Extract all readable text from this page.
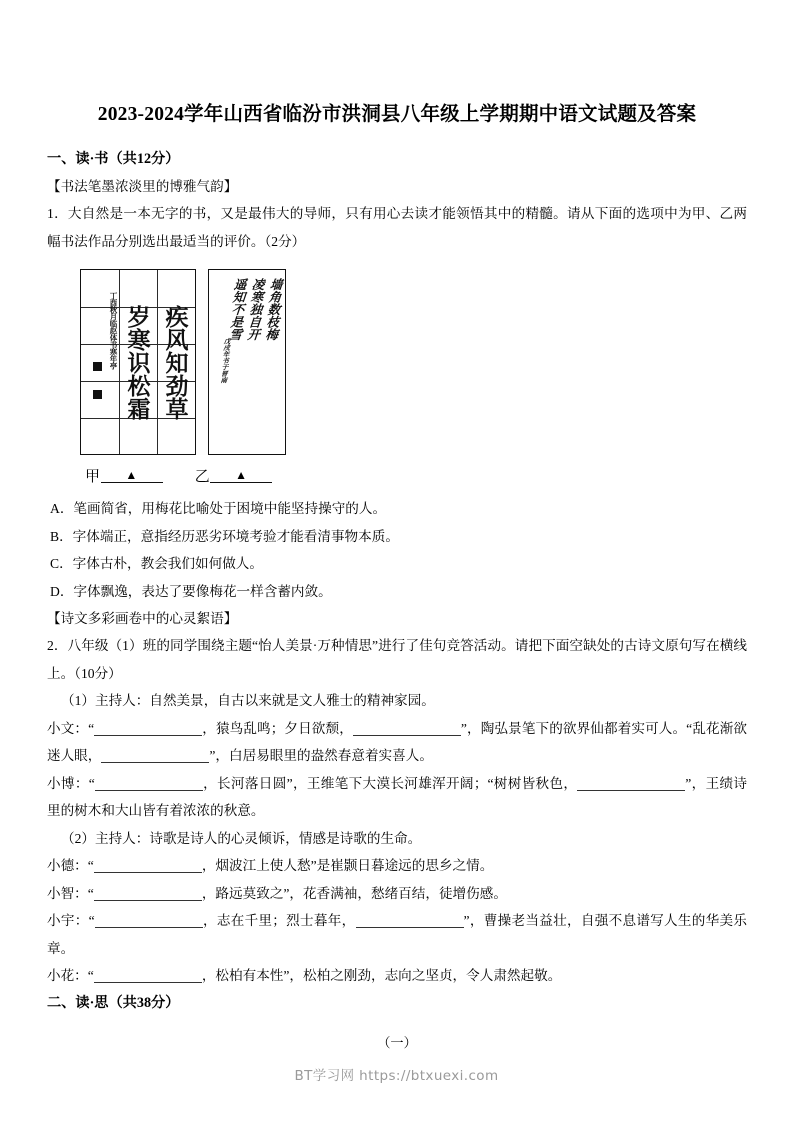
2023-2024学年山西省临汾市洪洞县八年级上学期期中语文试题及答案

一、读·书（共12分）

【书法笔墨浓淡里的博雅气韵】

1．大自然是一本无字的书，又是最伟大的导师，只有用心去读才能领悟其中的精髓。请从下面的选项中为甲、乙两幅书法作品分别选出最适当的评价。（2分）

疾风知劲草
岁寒识松霜
丁酉秋月临赵体书寒年亭	墙角数枝梅
凌寒独自开
遥知不是雪
戊戌年书于晋南
甲 ▲	乙 ▲

A．笔画简省，用梅花比喻处于困境中能坚持操守的人。

B．字体端正，意指经历恶劣环境考验才能看清事物本质。

C．字体古朴，教会我们如何做人。

D．字体飘逸，表达了要像梅花一样含蓄内敛。

【诗文多彩画卷中的心灵絮语】

2．八年级（1）班的同学围绕主题“怡人美景·万种情思”进行了佳句竞答活动。请把下面空缺处的古诗文原句写在横线上。（10分）

（1）主持人：自然美景，自古以来就是文人雅士的精神家园。

小文：“	，猿鸟乱鸣；夕日欲颓，	”，陶弘景笔下的欲界仙都着实可人。“乱花渐欲迷人眼，	”，白居易眼里的盎然春意着实喜人。

小博：“	，长河落日圆”，王维笔下大漠长河雄浑开阔；“树树皆秋色，	”，王绩诗里的树木和大山皆有着浓浓的秋意。

（2）主持人：诗歌是诗人的心灵倾诉，情感是诗歌的生命。

小德：“	，烟波江上使人愁”是崔颢日暮途远的思乡之情。

小智：“	，路远莫致之”，花香满袖，愁绪百结，徒增伤感。

小宇：“	，志在千里；烈士暮年，	”，曹操老当益壮，自强不息谱写人生的华美乐章。

小花：“	，松柏有本性”，松柏之刚劲，志向之坚贞，令人肃然起敬。

二、读·思（共38分）

（一）

BT学习网 https://btxuexi.com
